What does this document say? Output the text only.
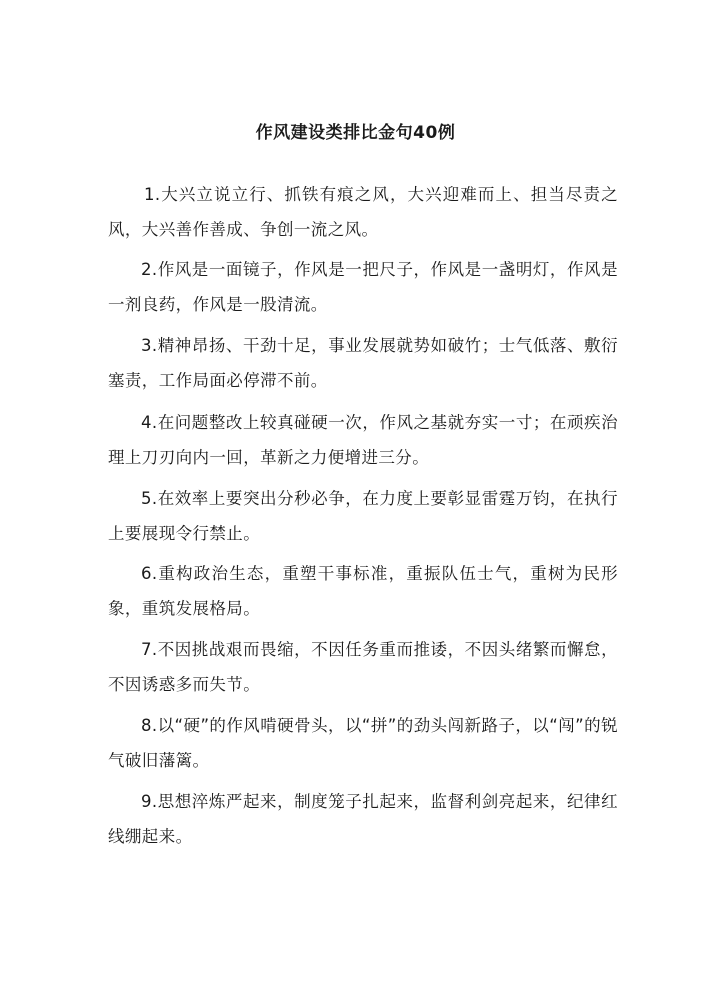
作风建设类排比金句40例

1.大兴立说立行、抓铁有痕之风，大兴迎难而上、担当尽责之风，大兴善作善成、争创一流之风。

2.作风是一面镜子，作风是一把尺子，作风是一盏明灯，作风是一剂良药，作风是一股清流。

3.精神昂扬、干劲十足，事业发展就势如破竹；士气低落、敷衍塞责，工作局面必停滞不前。

4.在问题整改上较真碰硬一次，作风之基就夯实一寸；在顽疾治理上刀刃向内一回，革新之力便增进三分。

5.在效率上要突出分秒必争，在力度上要彰显雷霆万钧，在执行上要展现令行禁止。

6.重构政治生态，重塑干事标准，重振队伍士气，重树为民形象，重筑发展格局。

7.不因挑战艰而畏缩，不因任务重而推诿，不因头绪繁而懈怠，不因诱惑多而失节。

8.以“硬”的作风啃硬骨头，以“拼”的劲头闯新路子，以“闯”的锐气破旧藩篱。

9.思想淬炼严起来，制度笼子扎起来，监督利剑亮起来，纪律红线绷起来。
